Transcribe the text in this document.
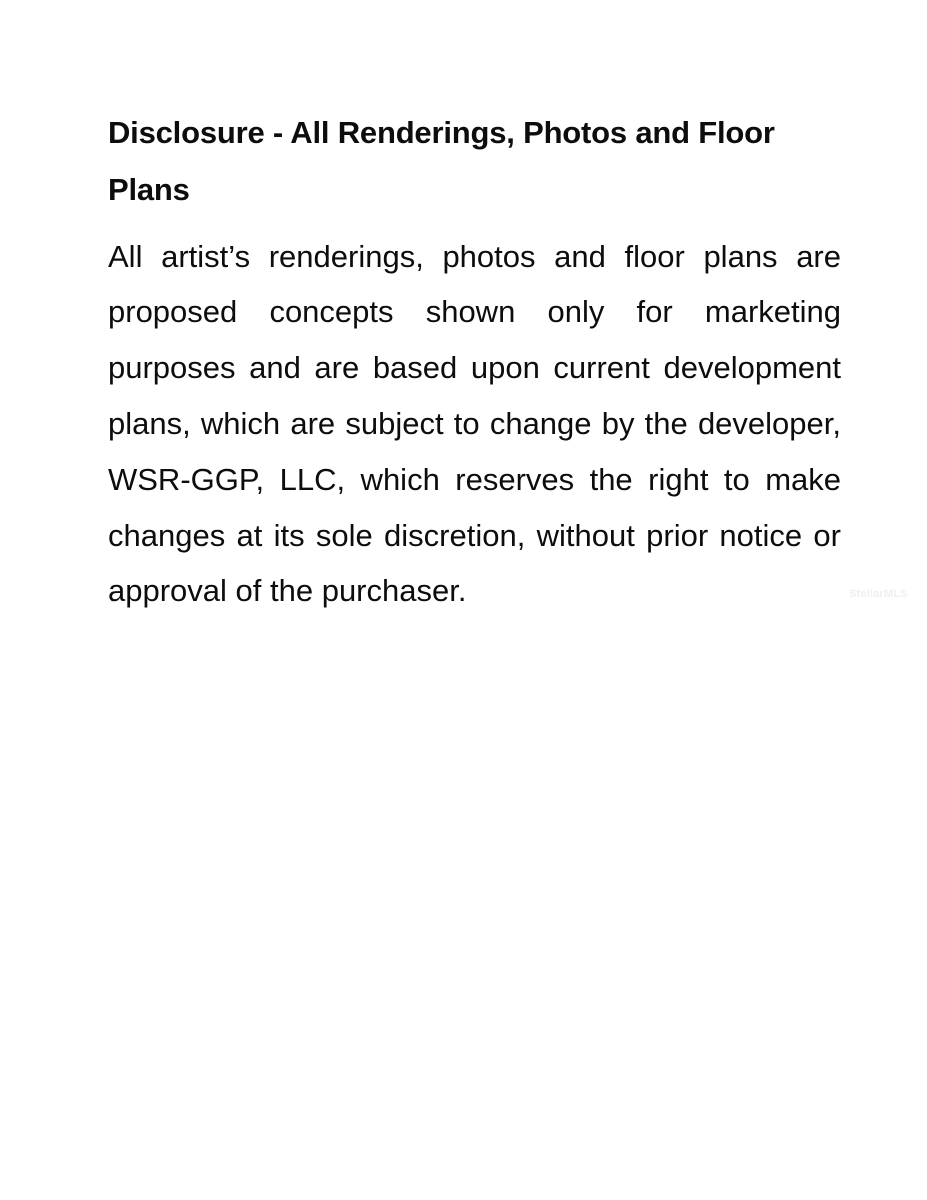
Disclosure - All Renderings, Photos and Floor Plans

All artist’s renderings, photos and floor plans are proposed concepts shown only for marketing purposes and are based upon current development plans, which are subject to change by the developer, WSR-GGP, LLC, which reserves the right to make changes at its sole discretion, without prior notice or approval of the purchaser.	StellarMLS
